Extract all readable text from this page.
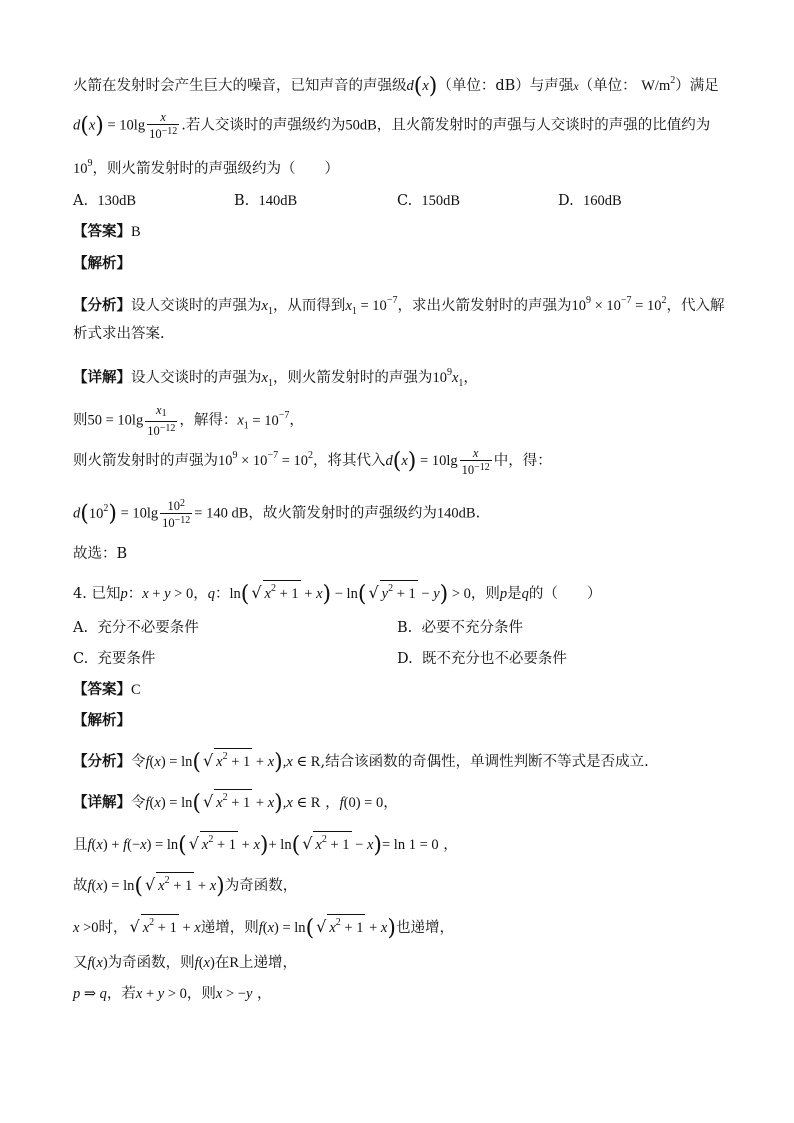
火箭在发射时会产生巨大的噪音，已知声音的声强级d(x)（单位：dB）与声强x（单位： $W/m^2$）满足
$d(x) = 10\lg \frac{x}{10^{-12}}$ .若人交谈时的声强级约为50dB，且火箭发射时的声强与人交谈时的声强的比值约为
$10^9$，则火箭发射时的声强级约为（　　）
A. 130dB	B. 140dB	C. 150dB	D. 160dB
【答案】B
【解析】
【分析】设人交谈时的声强为$x_1$，从而得到$x_1 = 10^{-7}$，求出火箭发射时的声强为$10^9 \times 10^{-7} = 10^2$，代入解
析式求出答案.
【详解】设人交谈时的声强为$x_1$，则火箭发射时的声强为$10^9x_1$，
则$50 = 10\lg \frac{x_1}{10^{-12}}$ ，解得：$x_1 = 10^{-7}$，
则火箭发射时的声强为$10^9 \times 10^{-7} = 10^2$，将其代入$d(x) = 10\lg \frac{x}{10^{-12}}$ 中，得：
$d(10^2) = 10\lg \frac{10^2}{10^{-12}} = 140$ dB，故火箭发射时的声强级约为140dB.
故选：B
4. 已知p：x + y > 0，q：ln( √ $x^2 + 1 + x) - \ln$( √ $y^2 + 1 - y) > 0$，则p是q的（　　）
A. 充分不必要条件	B. 必要不充分条件
C. 充要条件	D. 既不充分也不必要条件
【答案】C
【解析】
【分析】令f(x) = ln( √ $x^2 + 1 + x),x$ ∈ R,结合该函数的奇偶性，单调性判断不等式是否成立.
【详解】令f(x) = ln( √ $x^2 + 1 + x),x$ ∈ R ，f(0) = 0，
且f(x) + f(−x) = ln( √ $x^2 + 1 + x)+ \ln$( √ $x^2 + 1 - x)= \ln 1 = 0$ ，
故f(x) = ln( √ $x^2 + 1 + x$)为奇函数，
x >0时， √ $x^2 + 1 + x$递增，则f(x) = ln( √ $x^2 + 1 + x$)也递增，
又f(x)为奇函数，则f(x)在R上递增，
p ⇒ q，若x + y > 0，则x > −y ，
